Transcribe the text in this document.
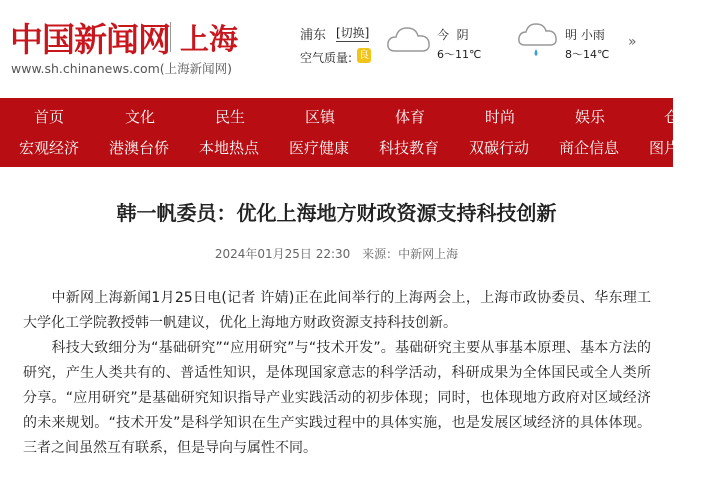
中国新闻网 上海
www.sh.chinanews.com(上海新闻网)
浦东 [切换]
空气质量: 良
今 阴
6～11℃
明 小雨
8～14℃
»
首页	文化	民生	区镇	体育	时尚	娱乐	仓
宏观经济 港澳台侨 本地热点 医疗健康 科技教育 双碳行动 商企信息 图片
韩一帆委员：优化上海地方财政资源支持科技创新
2024年01月25日 22:30 来源：中新网上海

　　中新网上海新闻1月25日电(记者 许婧)正在此间举行的上海两会上，上海市政协委员、华东理工大学化工学院教授韩一帆建议，优化上海地方财政资源支持科技创新。

　　科技大致细分为“基础研究”“应用研究”与“技术开发”。基础研究主要从事基本原理、基本方法的研究，产生人类共有的、普适性知识，是体现国家意志的科学活动，科研成果为全体国民或全人类所分享。“应用研究”是基础研究知识指导产业实践活动的初步体现；同时，也体现地方政府对区域经济的未来规划。“技术开发”是科学知识在生产实践过程中的具体实施，也是发展区域经济的具体体现。三者之间虽然互有联系，但是导向与属性不同。
